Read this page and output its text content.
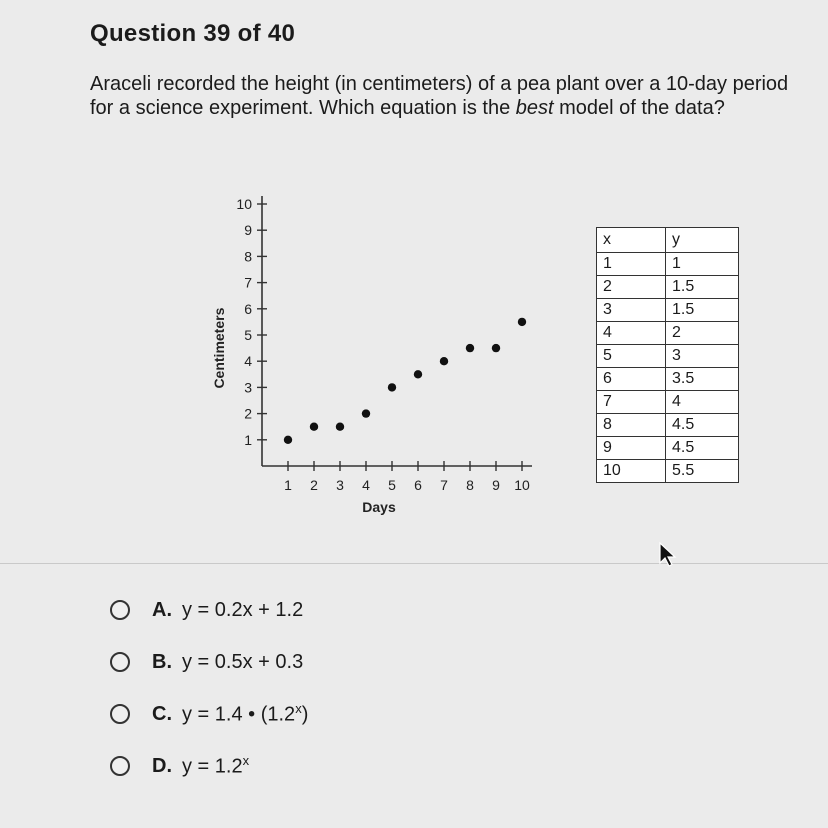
Question 39 of 40
Araceli recorded the height (in centimeters) of a pea plant over a 10-day period for a science experiment. Which equation is the best model of the data?
1
2
3
4
5
6
7
8
9
10
1 2 3 4 5 6 7 8 9 10
Days
Centimeters
x	y
1	1
2	1.5
3	1.5
4	2
5	3
6	3.5
7	4
8	4.5
9	4.5
10	5.5
A. y = 0.2x + 1.2
B. y = 0.5x + 0.3
C. y = 1.4 • (1.2$^x$)
D. $y = 1.2^x$
